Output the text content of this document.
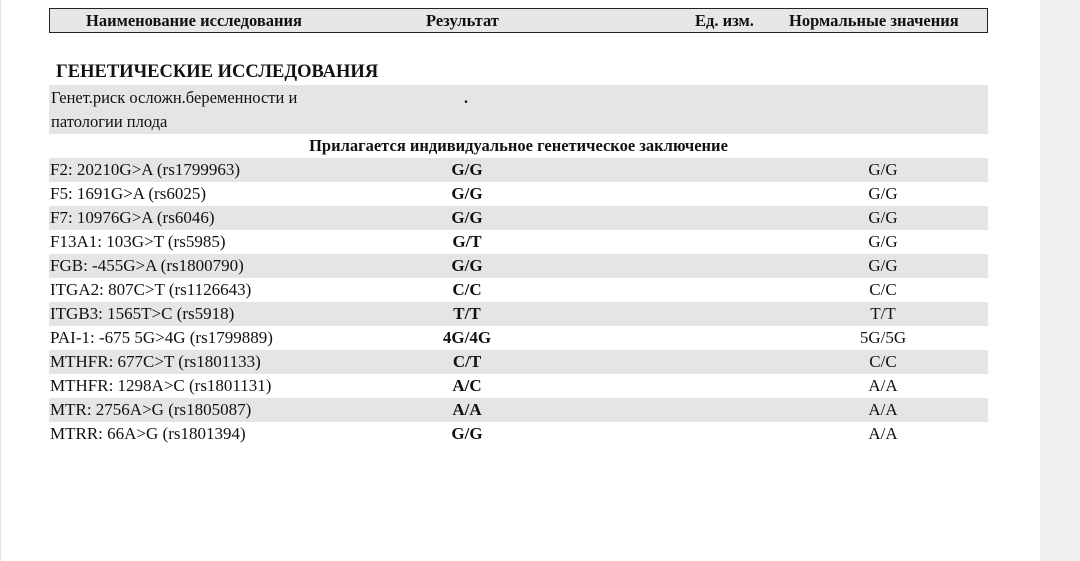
Наименование исследования	Результат	Ед. изм. Нормальные значения
ГЕНЕТИЧЕСКИЕ ИССЛЕДОВАНИЯ
Генет.риск осложн.беременности и
патологии плода
.
Прилагается индивидуальное генетическое заключение
F2: 20210G>A (rs1799963)	G/G	G/G
F5: 1691G>A (rs6025)	G/G	G/G
F7: 10976G>A (rs6046)	G/G	G/G
F13A1: 103G>T (rs5985)	G/T	G/G
FGB: -455G>A (rs1800790)	G/G	G/G
ITGA2: 807C>T (rs1126643)	C/C	C/C
ITGB3: 1565T>C (rs5918)	T/T	T/T
PAI-1: -675 5G>4G (rs1799889)	4G/4G	5G/5G
MTHFR: 677C>T (rs1801133)	C/T	C/C
MTHFR: 1298A>C (rs1801131)	A/C	A/A
MTR: 2756A>G (rs1805087)	A/A	A/A
MTRR: 66A>G (rs1801394)	G/G	A/A
